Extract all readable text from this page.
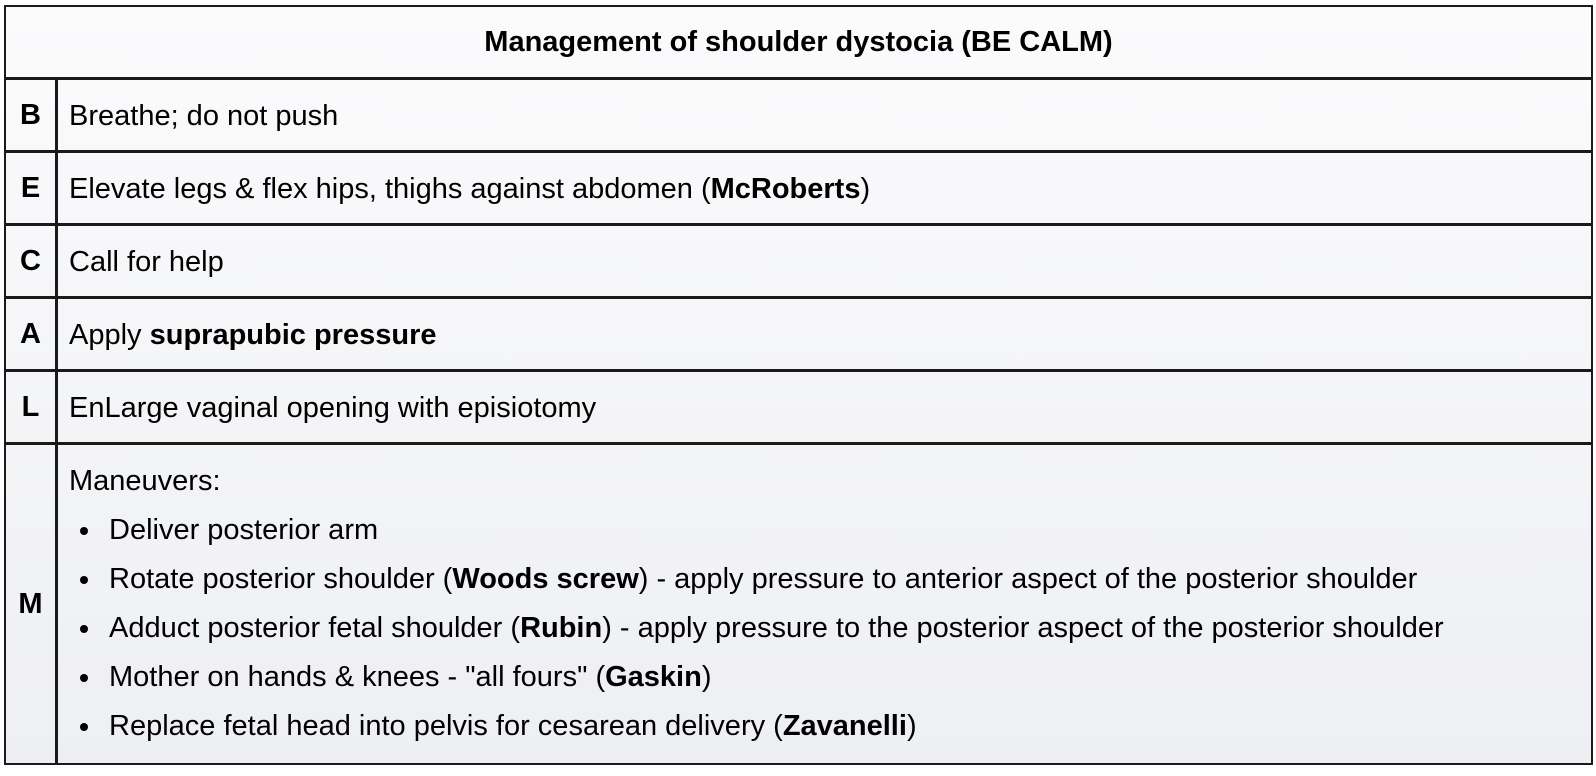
Management of shoulder dystocia (BE CALM)
B Breathe; do not push
E Elevate legs & flex hips, thighs against abdomen ( McRoberts )
C Call for help
A Apply suprapubic pressure
L	EnLarge vaginal opening with episiotomy
M
Maneuvers:
Deliver posterior arm
Rotate posterior shoulder (Woods screw) - apply pressure to anterior aspect of the posterior shoulder
Adduct posterior fetal shoulder (Rubin) - apply pressure to the posterior aspect of the posterior shoulder
Mother on hands & knees - "all fours" (Gaskin)
Replace fetal head into pelvis for cesarean delivery (Zavanelli)
